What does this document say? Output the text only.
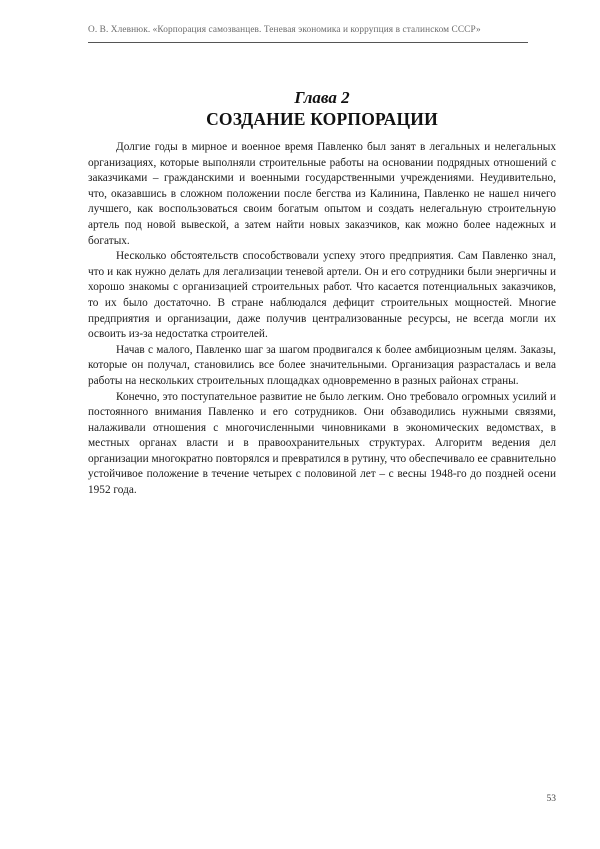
О. В. Хлевнюк. «Корпорация самозванцев. Теневая экономика и коррупция в сталинском СССР»
Глава 2
СОЗДАНИЕ КОРПОРАЦИИ

Долгие годы в мирное и военное время Павленко был занят в легальных и нелегальных организациях, которые выполняли строительные работы на основании подрядных отношений с заказчиками – гражданскими и военными государственными учреждениями. Неудивительно, что, оказавшись в сложном положении после бегства из Калинина, Павленко не нашел ничего лучшего, как воспользоваться своим богатым опытом и создать нелегальную строительную артель под новой вывеской, а затем найти новых заказчиков, как можно более надежных и богатых.

Несколько обстоятельств способствовали успеху этого предприятия. Сам Павленко знал, что и как нужно делать для легализации теневой артели. Он и его сотрудники были энергичны и хорошо знакомы с организацией строительных работ. Что касается потенциальных заказчиков, то их было достаточно. В стране наблюдался дефицит строительных мощностей. Многие предприятия и организации, даже получив централизованные ресурсы, не всегда могли их освоить из-за недостатка строителей.

Начав с малого, Павленко шаг за шагом продвигался к более амбициозным целям. Заказы, которые он получал, становились все более значительными. Организация разрасталась и вела работы на нескольких строительных площадках одновременно в разных районах страны.

Конечно, это поступательное развитие не было легким. Оно требовало огромных усилий и постоянного внимания Павленко и его сотрудников. Они обзаводились нужными связями, налаживали отношения с многочисленными чиновниками в экономических ведомствах, в местных органах власти и в правоохранительных структурах. Алгоритм ведения дел организации многократно повторялся и превратился в рутину, что обеспечивало ее сравнительно устойчивое положение в течение четырех с половиной лет – с весны 1948-го до поздней осени 1952 года.

53
